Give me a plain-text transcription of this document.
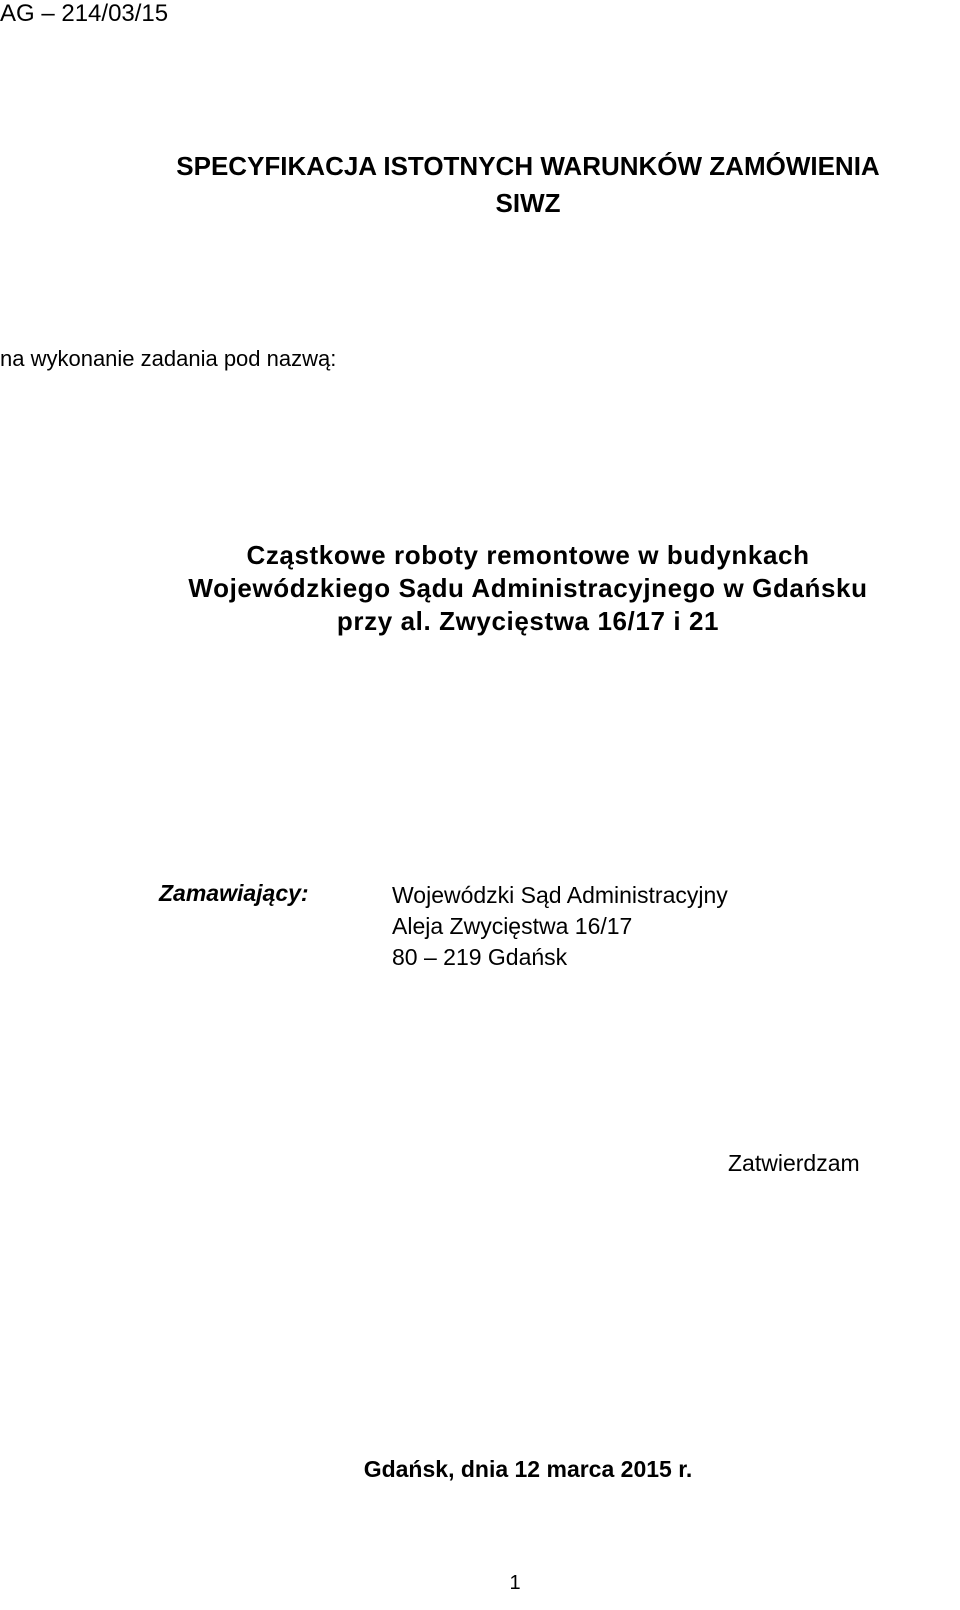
AG – 214/03/15
SPECYFIKACJA ISTOTNYCH WARUNKÓW ZAMÓWIENIA
SIWZ
na wykonanie zadania pod nazwą:
Cząstkowe roboty remontowe w budynkach
Wojewódzkiego Sądu Administracyjnego w Gdańsku
przy al. Zwycięstwa 16/17 i 21
Zamawiający:	Wojewódzki Sąd Administracyjny
Aleja Zwycięstwa 16/17
80 – 219 Gdańsk
Zatwierdzam
Gdańsk, dnia 12 marca 2015 r.
1
